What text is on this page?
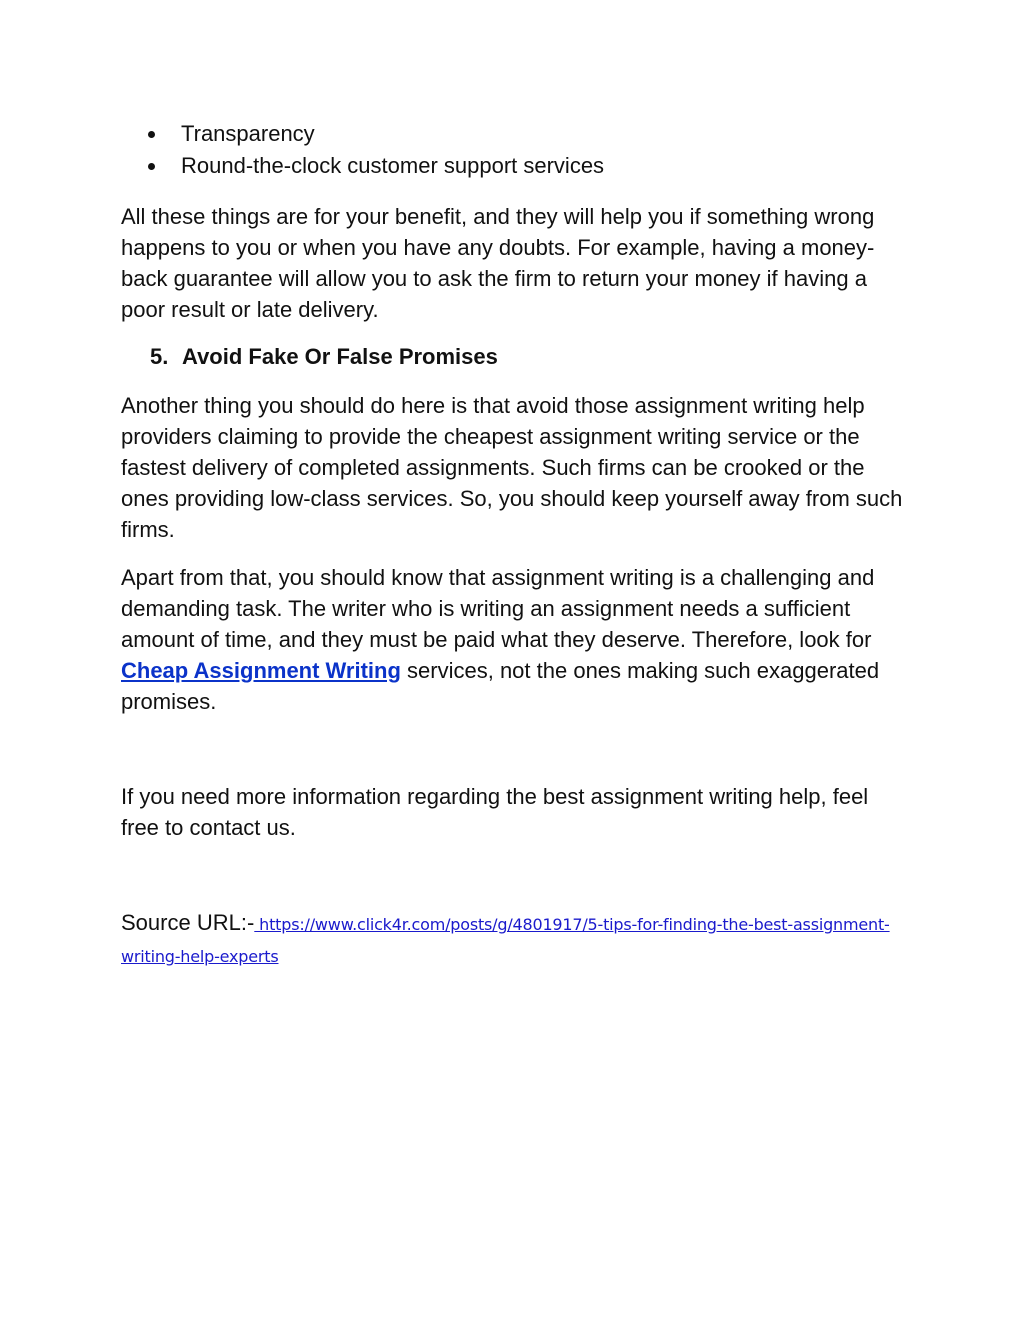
Transparency
Round-the-clock customer support services

All these things are for your benefit, and they will help you if something wrong happens to you or when you have any doubts. For example, having a money-back guarantee will allow you to ask the firm to return your money if having a poor result or late delivery.

5. Avoid Fake Or False Promises

Another thing you should do here is that avoid those assignment writing help providers claiming to provide the cheapest assignment writing service or the fastest delivery of completed assignments. Such firms can be crooked or the ones providing low-class services. So, you should keep yourself away from such firms.

Apart from that, you should know that assignment writing is a challenging and demanding task. The writer who is writing an assignment needs a sufficient amount of time, and they must be paid what they deserve. Therefore, look for Cheap Assignment Writing services, not the ones making such exaggerated promises.

If you need more information regarding the best assignment writing help, feel free to contact us.

Source URL:- https://www.click4r.com/posts/g/4801917/5-tips-for-finding-the-best-assignment-writing-help-experts
